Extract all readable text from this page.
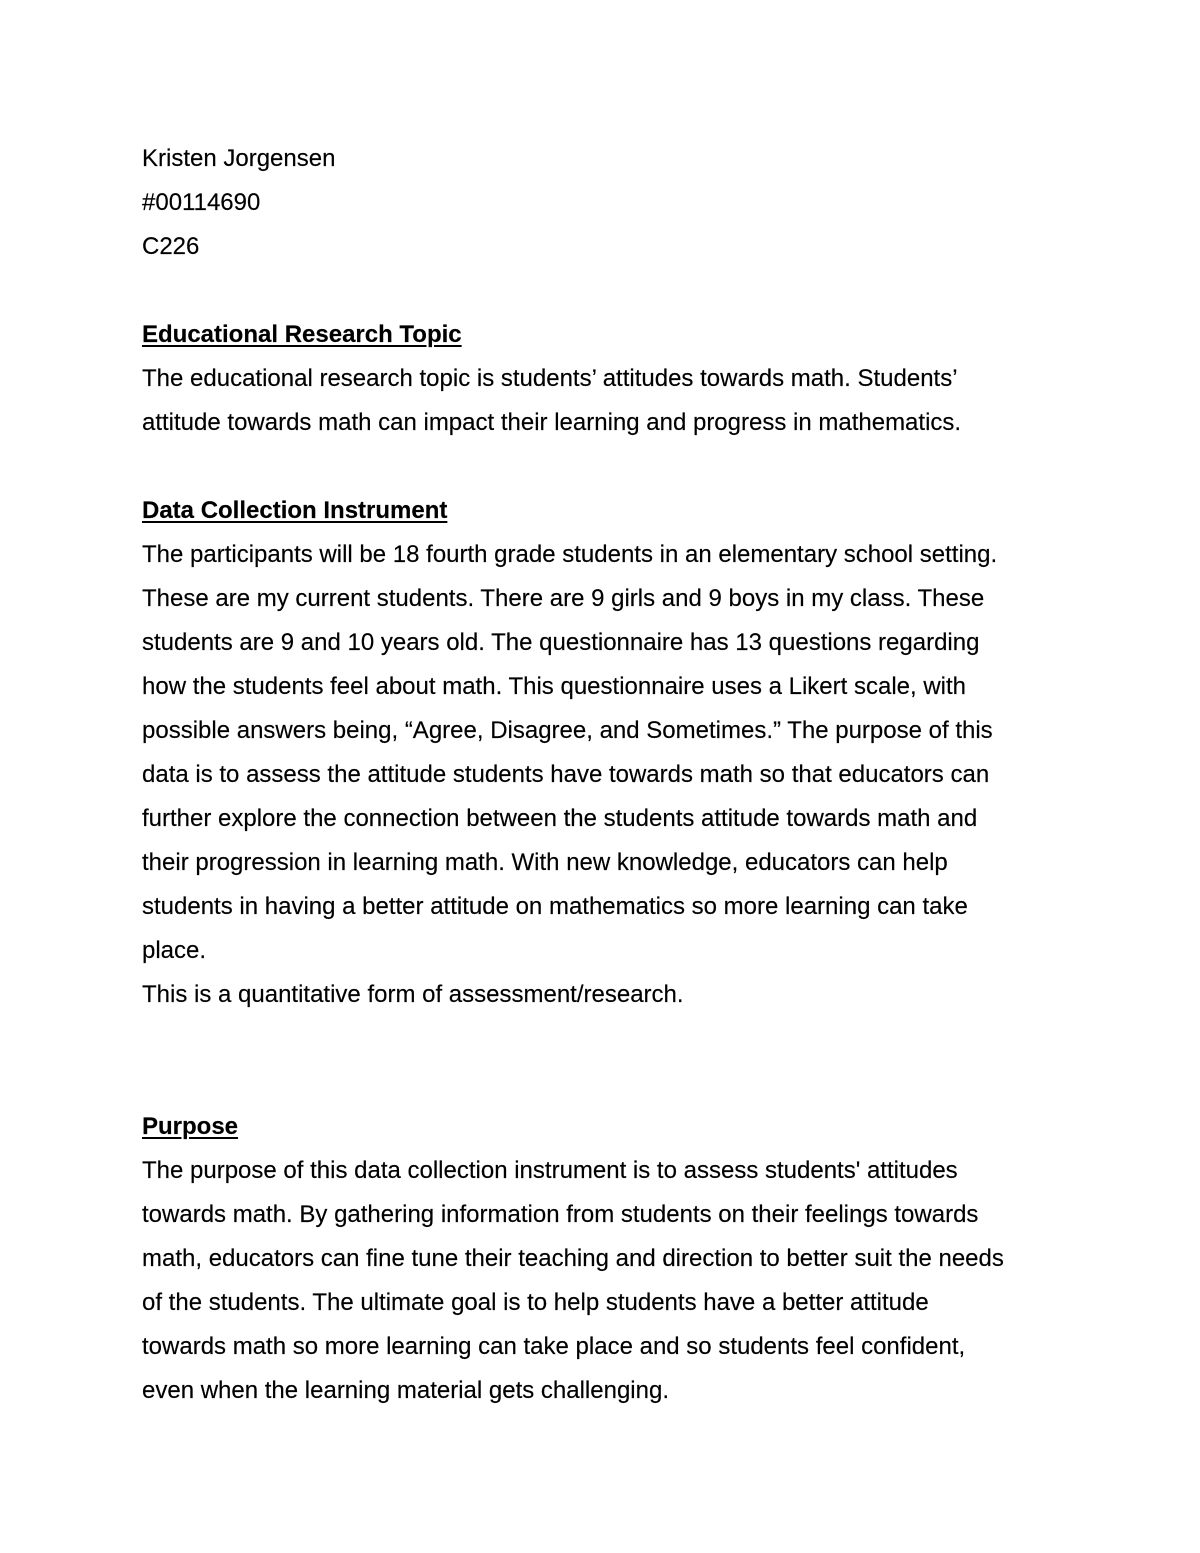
Kristen Jorgensen
#00114690
C226
Educational Research Topic
The educational research topic is students’ attitudes towards math. Students’
attitude towards math can impact their learning and progress in mathematics.
Data Collection Instrument
The participants will be 18 fourth grade students in an elementary school setting.
These are my current students. There are 9 girls and 9 boys in my class. These
students are 9 and 10 years old. The questionnaire has 13 questions regarding
how the students feel about math. This questionnaire uses a Likert scale, with
possible answers being, “Agree, Disagree, and Sometimes.” The purpose of this
data is to assess the attitude students have towards math so that educators can
further explore the connection between the students attitude towards math and
their progression in learning math. With new knowledge, educators can help
students in having a better attitude on mathematics so more learning can take
place.
This is a quantitative form of assessment/research.
Purpose
The purpose of this data collection instrument is to assess students' attitudes
towards math. By gathering information from students on their feelings towards
math, educators can fine tune their teaching and direction to better suit the needs
of the students. The ultimate goal is to help students have a better attitude
towards math so more learning can take place and so students feel confident,
even when the learning material gets challenging.
